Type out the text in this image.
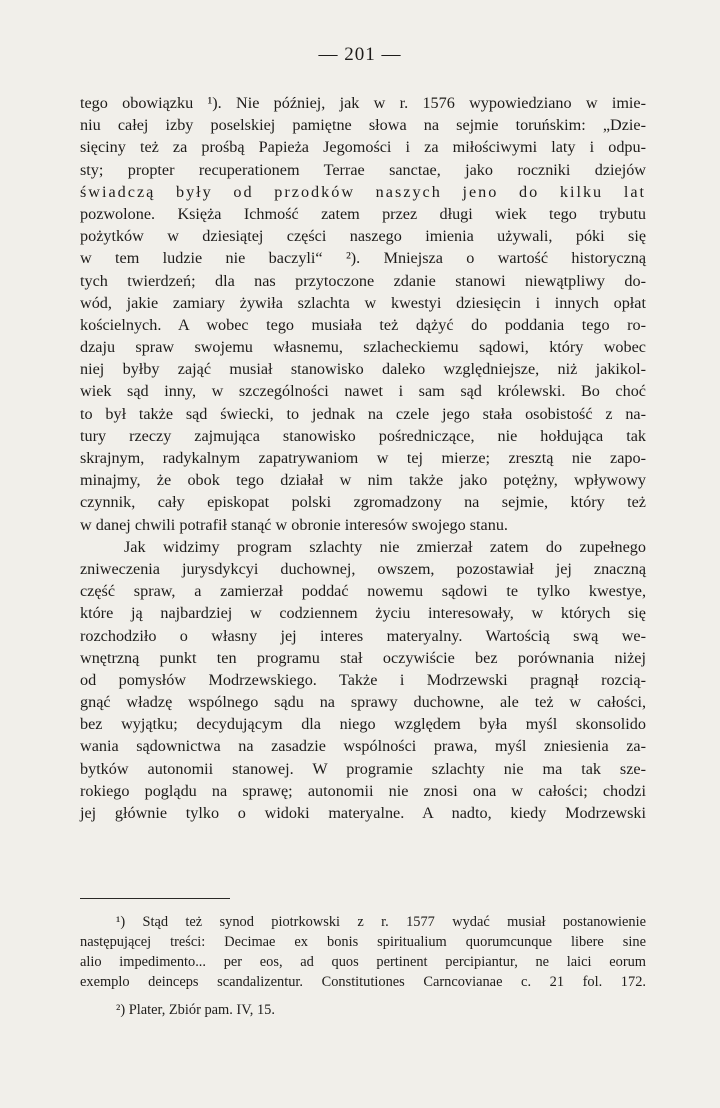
— 201 —
tego obowiązku ¹). Nie później, jak w r. 1576 wypowiedziano w imie-
niu całej izby poselskiej pamiętne słowa na sejmie toruńskim: „Dzie-
sięciny też za prośbą Papieża Jegomości i za miłościwymi laty i odpu-
sty; propter recuperationem Terrae sanctae, jako roczniki dziejów
świadczą były od przodków naszych jeno do kilku lat
pozwolone. Księża Ichmość zatem przez długi wiek tego trybutu
pożytków w dziesiątej części naszego imienia używali, póki się
w tem ludzie nie baczyli“ ²). Mniejsza o wartość historyczną
tych twierdzeń; dla nas przytoczone zdanie stanowi niewątpliwy do-
wód, jakie zamiary żywiła szlachta w kwestyi dziesięcin i innych opłat
kościelnych. A wobec tego musiała też dążyć do poddania tego ro-
dzaju spraw swojemu własnemu, szlacheckiemu sądowi, który wobec
niej byłby zająć musiał stanowisko daleko względniejsze, niż jakikol-
wiek sąd inny, w szczególności nawet i sam sąd królewski. Bo choć
to był także sąd świecki, to jednak na czele jego stała osobistość z na-
tury rzeczy zajmująca stanowisko pośredniczące, nie hołdująca tak
skrajnym, radykalnym zapatrywaniom w tej mierze; zresztą nie zapo-
minajmy, że obok tego działał w nim także jako potężny, wpływowy
czynnik, cały episkopat polski zgromadzony na sejmie, który też
w danej chwili potrafił stanąć w obronie interesów swojego stanu.
Jak widzimy program szlachty nie zmierzał zatem do zupełnego
zniweczenia jurysdykcyi duchownej, owszem, pozostawiał jej znaczną
część spraw, a zamierzał poddać nowemu sądowi te tylko kwestye,
które ją najbardziej w codziennem życiu interesowały, w których się
rozchodziło o własny jej interes materyalny. Wartością swą we-
wnętrzną punkt ten programu stał oczywiście bez porównania niżej
od pomysłów Modrzewskiego. Także i Modrzewski pragnął rozcią-
gnąć władzę wspólnego sądu na sprawy duchowne, ale też w całości,
bez wyjątku; decydującym dla niego względem była myśl skonsolido
wania sądownictwa na zasadzie wspólności prawa, myśl zniesienia za-
bytków autonomii stanowej. W programie szlachty nie ma tak sze-
rokiego poglądu na sprawę; autonomii nie znosi ona w całości; chodzi
jej głównie tylko o widoki materyalne. A nadto, kiedy Modrzewski
¹) Stąd też synod piotrkowski z r. 1577 wydać musiał postanowienie
następującej treści: Decimae ex bonis spiritualium quorumcunque libere sine
alio impedimento... per eos, ad quos pertinent percipiantur, ne laici eorum
exemplo deinceps scandalizentur. Constitutiones Carncovianae c. 21 fol. 172.
²) Plater, Zbiór pam. IV, 15.
